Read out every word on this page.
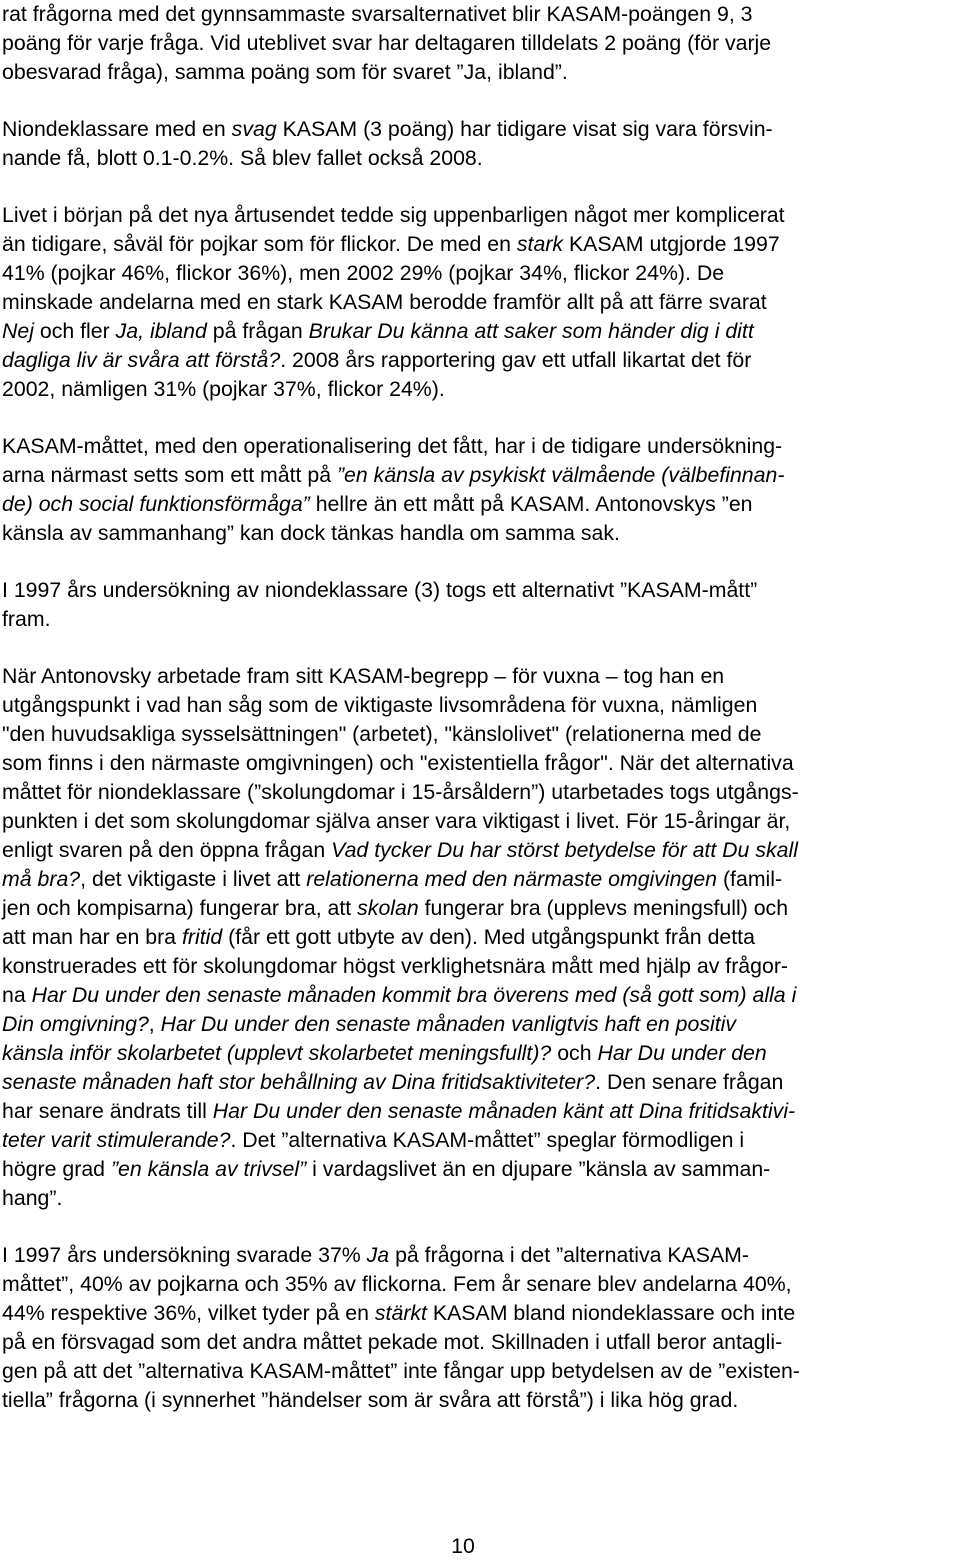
rat frågorna med det gynnsammaste svarsalternativet blir KASAM-poängen 9, 3
poäng för varje fråga. Vid uteblivet svar har deltagaren tilldelats 2 poäng (för varje
obesvarad fråga), samma poäng som för svaret ”Ja, ibland”.

Niondeklassare med en svag KASAM (3 poäng) har tidigare visat sig vara försvin-
nande få, blott 0.1-0.2%. Så blev fallet också 2008.

Livet i början på det nya årtusendet tedde sig uppenbarligen något mer komplicerat
än tidigare, såväl för pojkar som för flickor. De med en stark KASAM utgjorde 1997
41% (pojkar 46%, flickor 36%), men 2002 29% (pojkar 34%, flickor 24%). De
minskade andelarna med en stark KASAM berodde framför allt på att färre svarat
Nej och fler Ja, ibland på frågan Brukar Du känna att saker som händer dig i ditt
dagliga liv är svåra att förstå?. 2008 års rapportering gav ett utfall likartat det för
2002, nämligen 31% (pojkar 37%, flickor 24%).

KASAM-måttet, med den operationalisering det fått, har i de tidigare undersökning-
arna närmast setts som ett mått på ”en känsla av psykiskt välmående (välbefinnan-
de) och social funktionsförmåga” hellre än ett mått på KASAM. Antonovskys ”en
känsla av sammanhang” kan dock tänkas handla om samma sak.

I 1997 års undersökning av niondeklassare (3) togs ett alternativt ”KASAM-mått”
fram.

När Antonovsky arbetade fram sitt KASAM-begrepp – för vuxna – tog han en
utgångspunkt i vad han såg som de viktigaste livsområdena för vuxna, nämligen
"den huvudsakliga sysselsättningen" (arbetet), "känslolivet" (relationerna med de
som finns i den närmaste omgivningen) och "existentiella frågor". När det alternativa
måttet för niondeklassare (”skolungdomar i 15-årsåldern”) utarbetades togs utgångs-
punkten i det som skolungdomar själva anser vara viktigast i livet. För 15-åringar är,
enligt svaren på den öppna frågan Vad tycker Du har störst betydelse för att Du skall
må bra?, det viktigaste i livet att relationerna med den närmaste omgivingen (famil-
jen och kompisarna) fungerar bra, att skolan fungerar bra (upplevs meningsfull) och
att man har en bra fritid (får ett gott utbyte av den). Med utgångspunkt från detta
konstruerades ett för skolungdomar högst verklighetsnära mått med hjälp av frågor-
na Har Du under den senaste månaden kommit bra överens med (så gott som) alla i
Din omgivning?, Har Du under den senaste månaden vanligtvis haft en positiv
känsla inför skolarbetet (upplevt skolarbetet meningsfullt)? och Har Du under den
senaste månaden haft stor behållning av Dina fritidsaktiviteter?. Den senare frågan
har senare ändrats till Har Du under den senaste månaden känt att Dina fritidsaktivi-
teter varit stimulerande?. Det ”alternativa KASAM-måttet” speglar förmodligen i
högre grad ”en känsla av trivsel” i vardagslivet än en djupare ”känsla av samman-
hang”.

I 1997 års undersökning svarade 37% Ja på frågorna i det ”alternativa KASAM-
måttet”, 40% av pojkarna och 35% av flickorna. Fem år senare blev andelarna 40%,
44% respektive 36%, vilket tyder på en stärkt KASAM bland niondeklassare och inte
på en försvagad som det andra måttet pekade mot. Skillnaden i utfall beror antagli-
gen på att det ”alternativa KASAM-måttet” inte fångar upp betydelsen av de ”existen-
tiella” frågorna (i synnerhet ”händelser som är svåra att förstå”) i lika hög grad.

10
